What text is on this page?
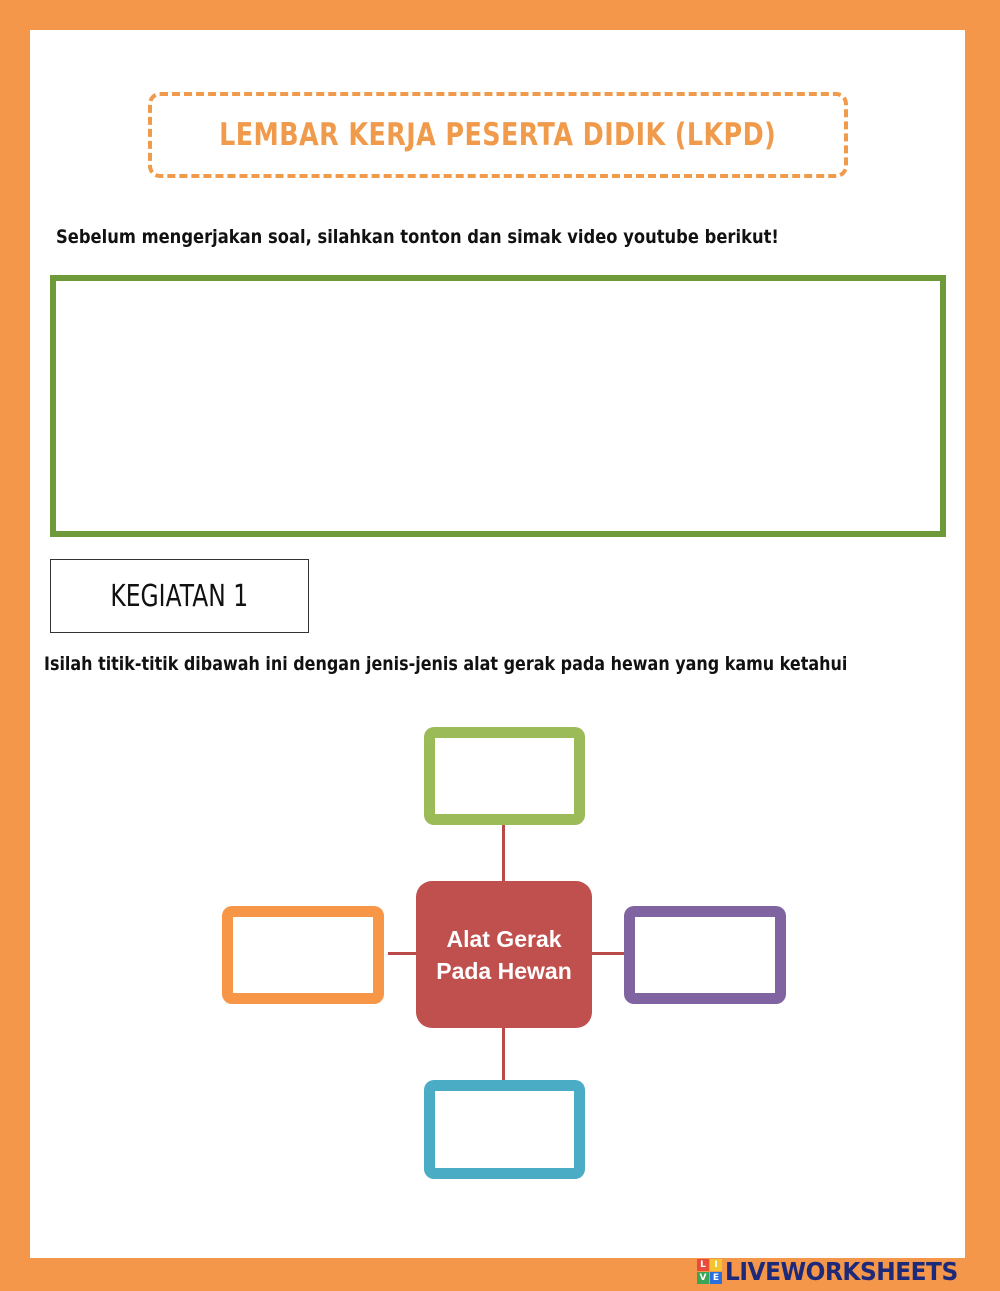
LEMBAR KERJA PESERTA DIDIK (LKPD)
Sebelum mengerjakan soal, silahkan tonton dan simak video youtube berikut!
KEGIATAN 1
Isilah titik-titik dibawah ini dengan jenis-jenis alat gerak pada hewan yang kamu ketahui
Alat Gerak
Pada Hewan
L I
V E LIVEWORKSHEETS
